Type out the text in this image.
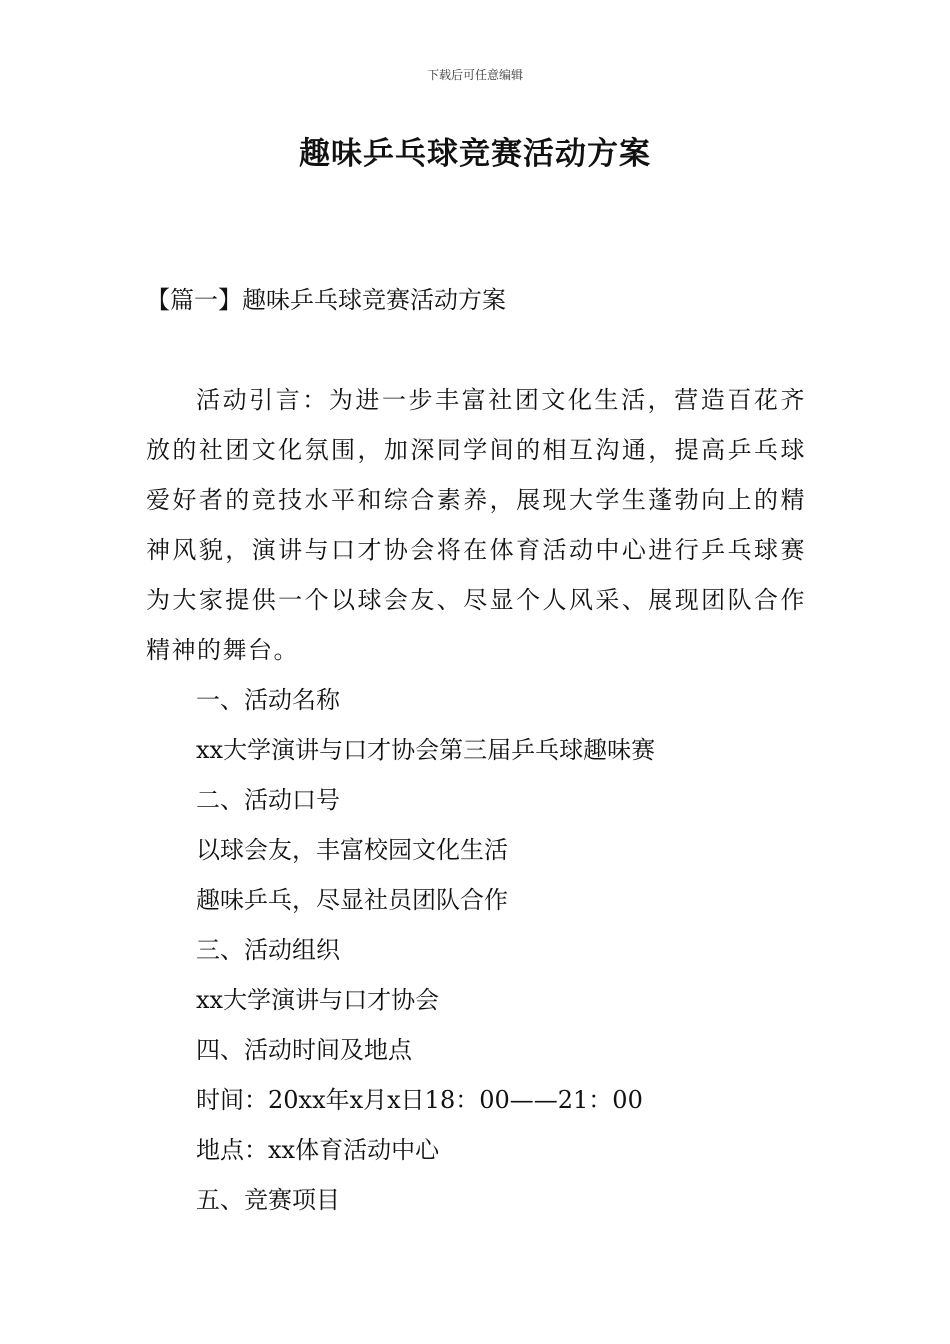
下载后可任意编辑
趣味乒乓球竞赛活动方案
【篇一】趣味乒乓球竞赛活动方案

活动引言：为进一步丰富社团文化生活，营造百花齐放的社团文化氛围，加深同学间的相互沟通，提高乒乓球爱好者的竞技水平和综合素养，展现大学生蓬勃向上的精神风貌，演讲与口才协会将在体育活动中心进行乒乓球赛为大家提供一个以球会友、尽显个人风采、展现团队合作精神的舞台。

一、活动名称

xx大学演讲与口才协会第三届乒乓球趣味赛

二、活动口号

以球会友，丰富校园文化生活

趣味乒乓，尽显社员团队合作

三、活动组织

xx大学演讲与口才协会

四、活动时间及地点

时间：20xx年x月x日18：00——21：00

地点：xx体育活动中心

五、竞赛项目
